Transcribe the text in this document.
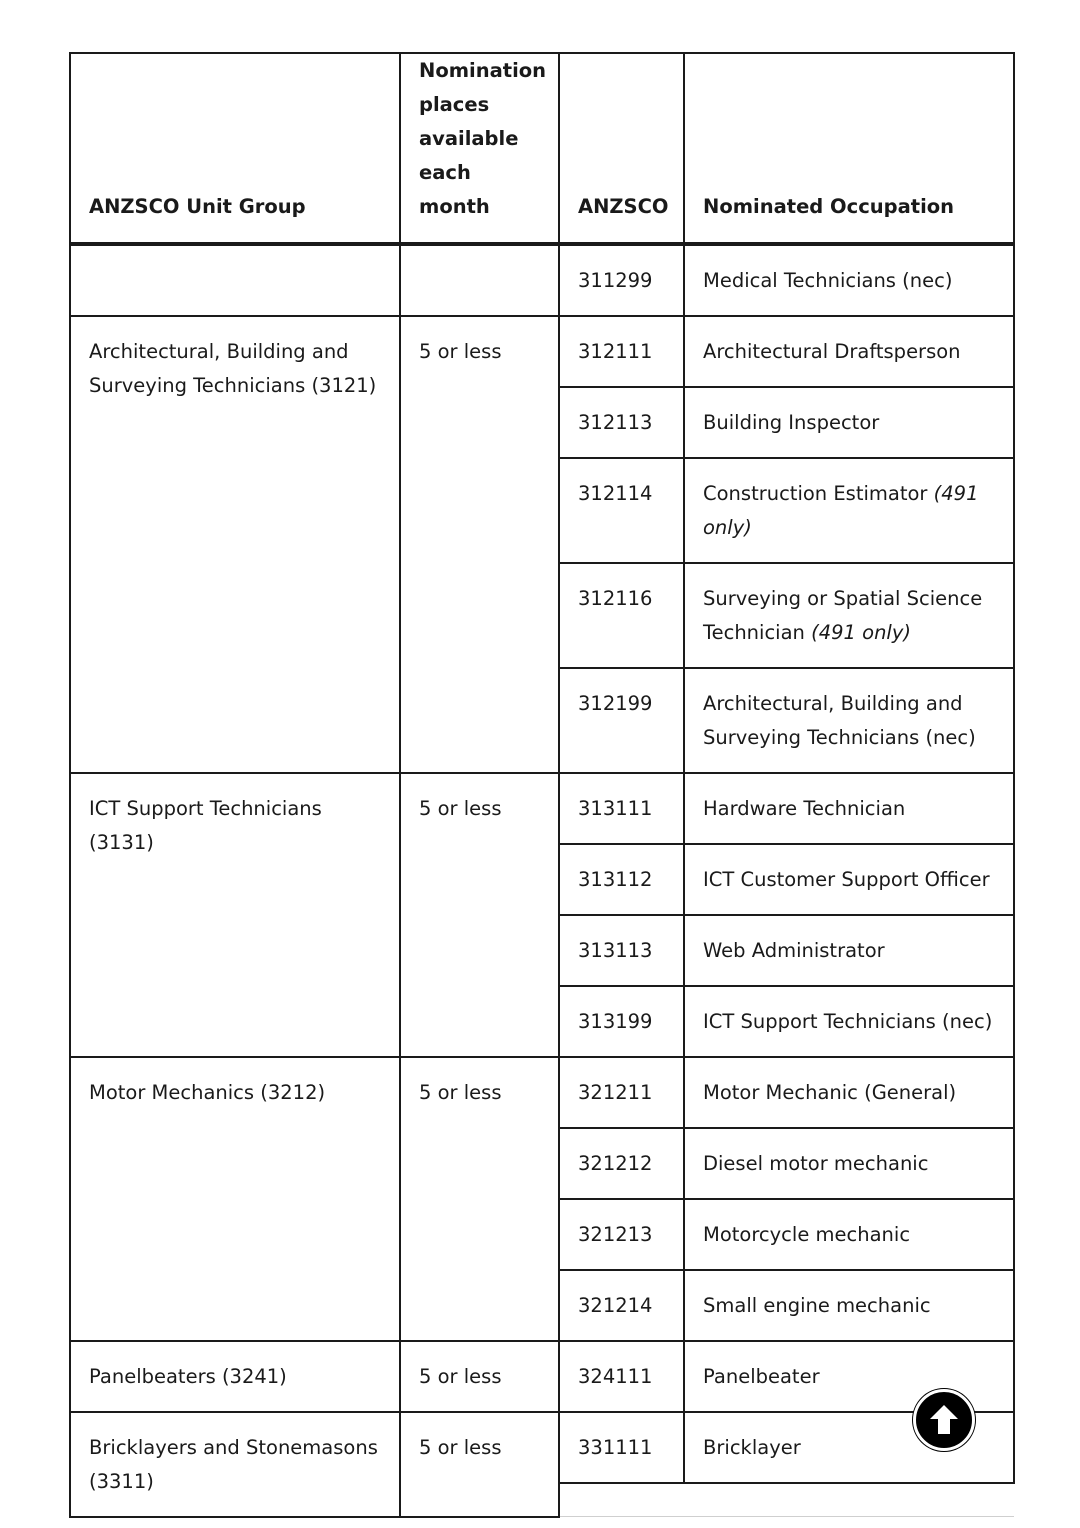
ANZSCO Unit Group	Nomination places available each month	ANZSCO	Nominated Occupation
		311299	Medical Technicians (nec)
Architectural, Building and Surveying Technicians (3121)	5 or less	312111	Architectural Draftsperson
		312113	Building Inspector
		312114	Construction Estimator (491 only)
		312116	Surveying or Spatial Science Technician (491 only)
		312199	Architectural, Building and Surveying Technicians (nec)
ICT Support Technicians (3131)	5 or less	313111	Hardware Technician
		313112	ICT Customer Support Officer
		313113	Web Administrator
		313199	ICT Support Technicians (nec)
Motor Mechanics (3212)	5 or less	321211	Motor Mechanic (General)
		321212	Diesel motor mechanic
		321213	Motorcycle mechanic
		321214	Small engine mechanic
Panelbeaters (3241)	5 or less	324111	Panelbeater
Bricklayers and Stonemasons (3311)	5 or less	331111	Bricklayer
